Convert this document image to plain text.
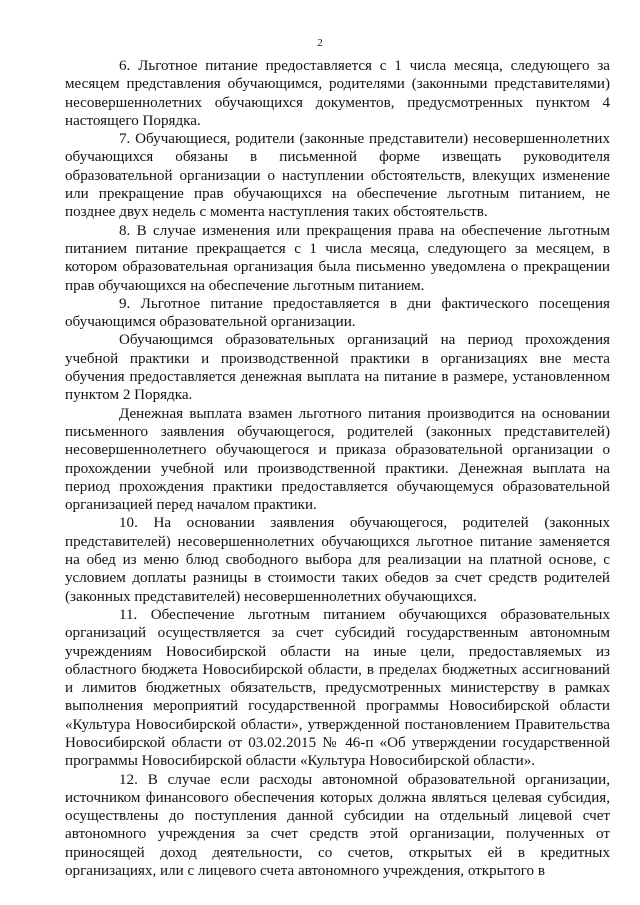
2

6. Льготное питание предоставляется с 1 числа месяца, следующего за месяцем представления обучающимся, родителями (законными представителями) несовершеннолетних обучающихся документов, предусмотренных пунктом 4 настоящего Порядка.

7. Обучающиеся, родители (законные представители) несовершеннолетних обучающихся обязаны в письменной форме извещать руководителя образовательной организации о наступлении обстоятельств, влекущих изменение или прекращение прав обучающихся на обеспечение льготным питанием, не позднее двух недель с момента наступления таких обстоятельств.

8. В случае изменения или прекращения права на обеспечение льготным питанием питание прекращается с 1 числа месяца, следующего за месяцем, в котором образовательная организация была письменно уведомлена о прекращении прав обучающихся на обеспечение льготным питанием.

9. Льготное питание предоставляется в дни фактического посещения обучающимся образовательной организации.

Обучающимся образовательных организаций на период прохождения учебной практики и производственной практики в организациях вне места обучения предоставляется денежная выплата на питание в размере, установленном пунктом 2 Порядка.

Денежная выплата взамен льготного питания производится на основании письменного заявления обучающегося, родителей (законных представителей) несовершеннолетнего обучающегося и приказа образовательной организации о прохождении учебной или производственной практики. Денежная выплата на период прохождения практики предоставляется обучающемуся образовательной организацией перед началом практики.

10. На основании заявления обучающегося, родителей (законных представителей) несовершеннолетних обучающихся льготное питание заменяется на обед из меню блюд свободного выбора для реализации на платной основе, с условием доплаты разницы в стоимости таких обедов за счет средств родителей (законных представителей) несовершеннолетних обучающихся.

11. Обеспечение льготным питанием обучающихся образовательных организаций осуществляется за счет субсидий государственным автономным учреждениям Новосибирской области на иные цели, предоставляемых из областного бюджета Новосибирской области, в пределах бюджетных ассигнований и лимитов бюджетных обязательств, предусмотренных министерству в рамках выполнения мероприятий государственной программы Новосибирской области «Культура Новосибирской области», утвержденной постановлением Правительства Новосибирской области от 03.02.2015 № 46-п «Об утверждении государственной программы Новосибирской области «Культура Новосибирской области».

12. В случае если расходы автономной образовательной организации, источником финансового обеспечения которых должна являться целевая субсидия, осуществлены до поступления данной субсидии на отдельный лицевой счет автономного учреждения за счет средств этой организации, полученных от приносящей доход деятельности, со счетов, открытых ей в кредитных организациях, или с лицевого счета автономного учреждения, открытого в
